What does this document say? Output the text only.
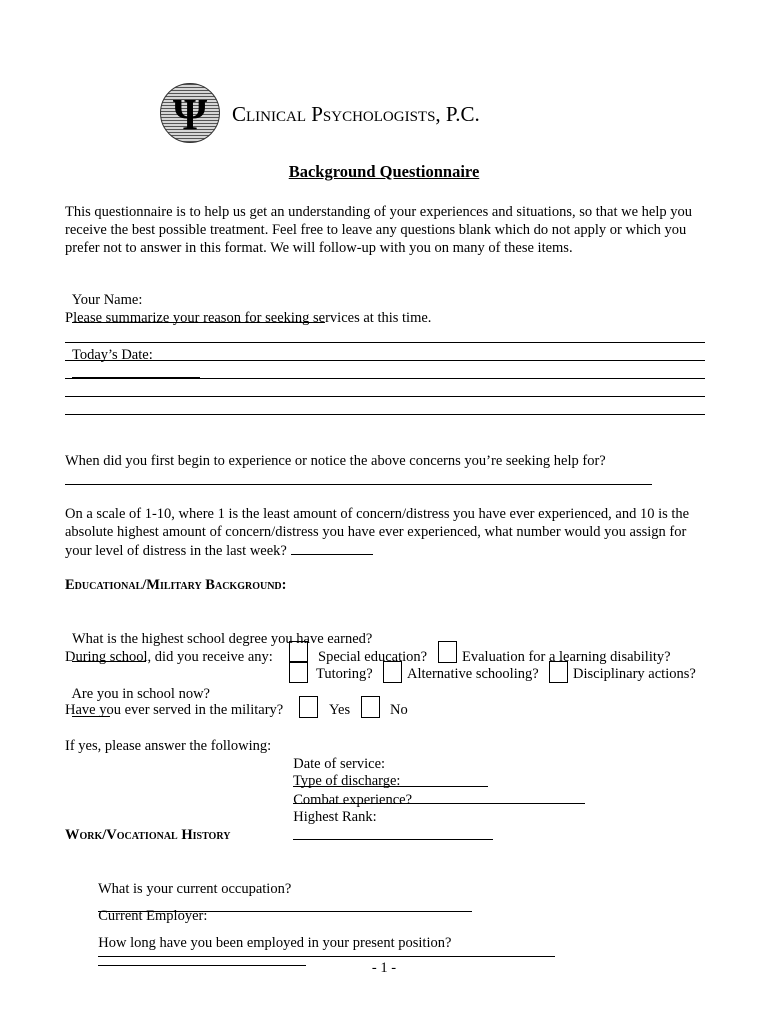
Ψ Clinical Psychologists, P.C.
Background Questionnaire
This questionnaire is to help us get an understanding of your experiences and situations, so that we help you receive the best possible treatment. Feel free to leave any questions blank which do not apply or which you prefer not to answer in this format. We will follow-up with you on many of these items.

Your Name:

Today’s Date:

Please summarize your reason for seeking services at this time.
When did you first begin to experience or notice the above concerns you’re seeking help for?
On a scale of 1-10, where 1 is the least amount of concern/distress you have ever experienced, and 10 is the absolute highest amount of concern/distress you have ever experienced, what number would you assign for your level of distress in the last week?
Educational/Military Background:

What is the highest school degree you have earned?

Are you in school now?

During school, did you receive any:	Special education? Evaluation for a learning disability?
Tutoring? Alternative schooling? Disciplinary actions?
Have you ever served in the military?	Yes	No
If yes, please answer the following:

Date of service:

Type of discharge:

Combat experience?

Highest Rank:

Work/Vocational History

What is your current occupation?

Current Employer:

How long have you been employed in your present position?

- 1 -
